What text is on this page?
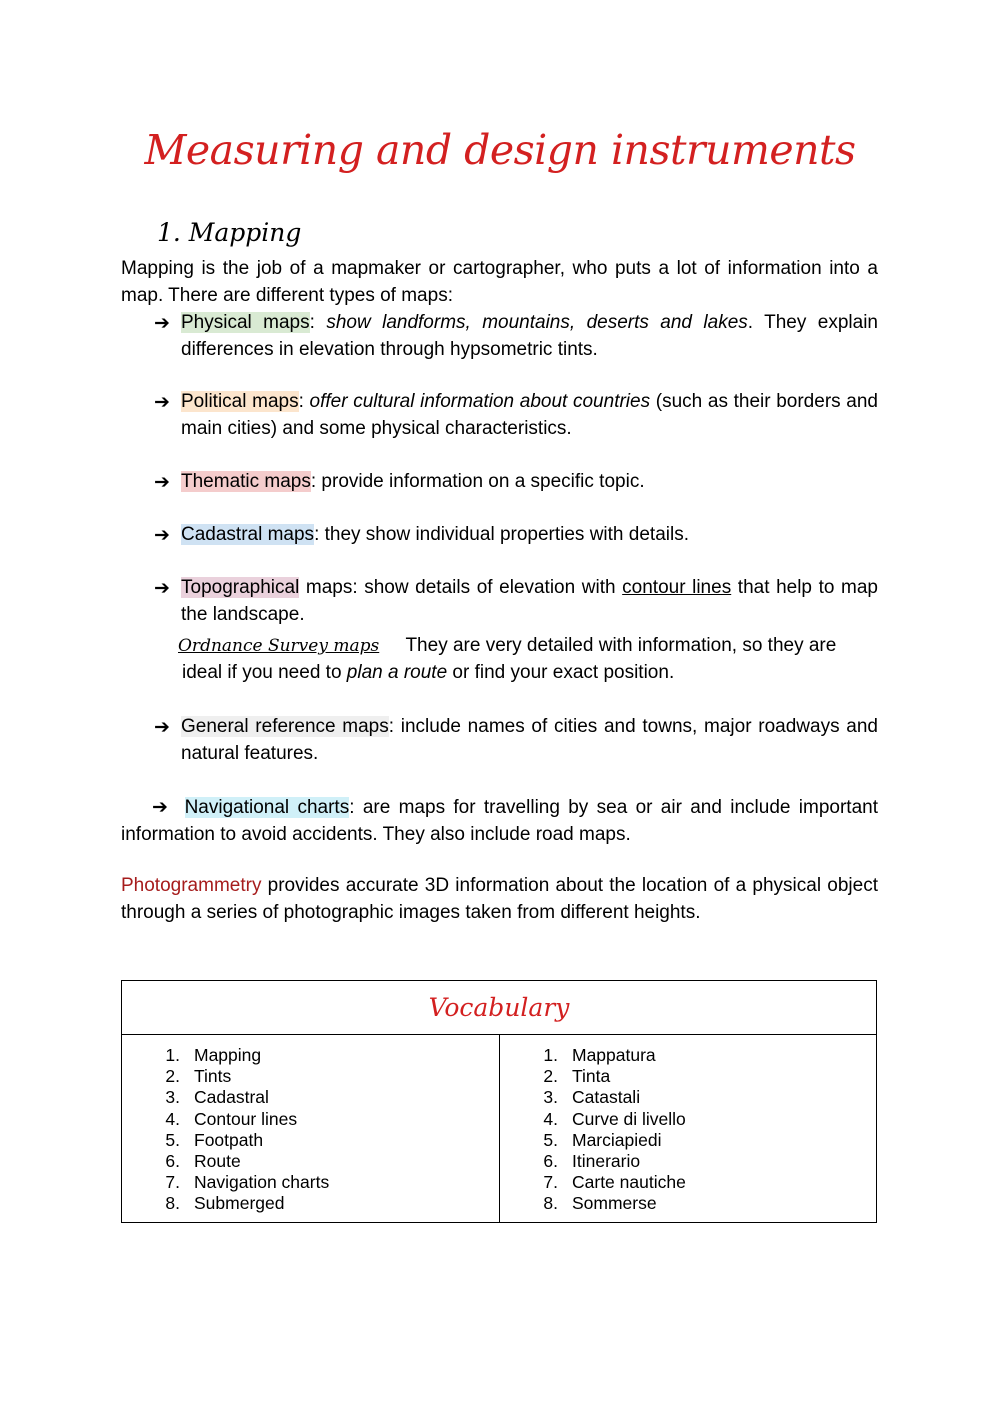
Measuring and design instruments
1. Mapping

Mapping is the job of a mapmaker or cartographer, who puts a lot of information into a map. There are different types of maps:

➔ Physical maps: show landforms, mountains, deserts and lakes. They explain differences in elevation through hypsometric tints.
➔ Political maps: offer cultural information about countries (such as their borders and main cities) and some physical characteristics.
➔ Thematic maps: provide information on a specific topic.
➔ Cadastral maps: they show individual properties with details.
➔ Topographical maps: show details of elevation with contour lines that help to map the landscape.
Ordnance Survey maps They are very detailed with information, so they are
ideal if you need to plan a route or find your exact position.
➔ General reference maps: include names of cities and towns, major roadways and natural features.

➔ Navigational charts: are maps for travelling by sea or air and include important information to avoid accidents. They also include road maps.

Photogrammetry provides accurate 3D information about the location of a physical object through a series of photographic images taken from different heights.

Vocabulary
1. Mapping
2. Tints
3. Cadastral
4. Contour lines
5. Footpath
6. Route
7. Navigation charts
8. Submerged
1. Mappatura
2. Tinta
3. Catastali
4. Curve di livello
5. Marciapiedi
6. Itinerario
7. Carte nautiche
8. Sommerse
